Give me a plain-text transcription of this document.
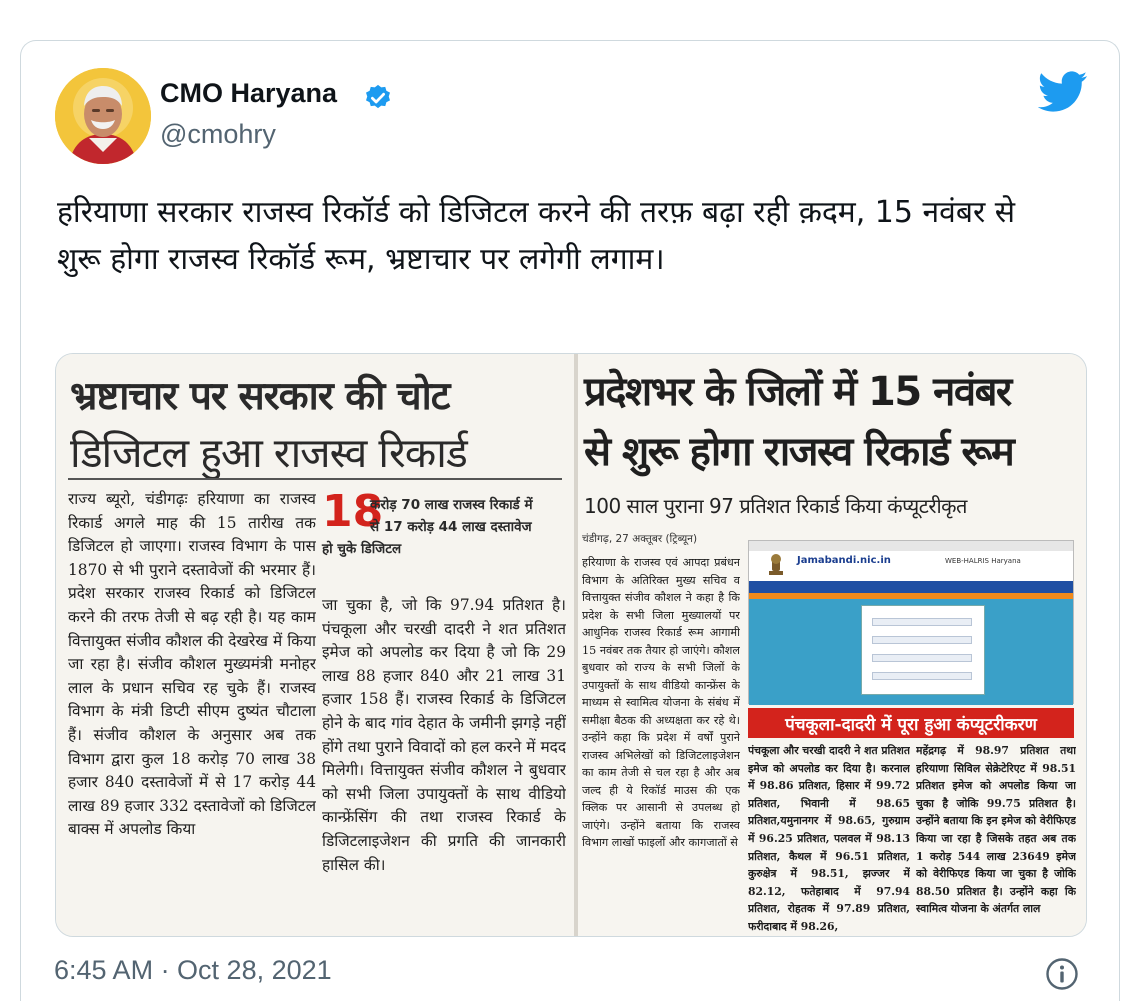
CMO Haryana
@cmohry
हरियाणा सरकार राजस्व रिकॉर्ड को डिजिटल करने की तरफ़ बढ़ा रही क़दम, 15 नवंबर से शुरू होगा राजस्व रिकॉर्ड रूम, भ्रष्टाचार पर लगेगी लगाम।
भ्रष्टाचार पर सरकार की चोट
डिजिटल हुआ राजस्व रिकार्ड
राज्य ब्यूरो, चंडीगढ़ः हरियाणा का राजस्व रिकार्ड अगले माह की 15 तारीख तक डिजिटल हो जाएगा। राजस्व विभाग के पास 1870 से भी पुराने दस्तावेजों की भरमार हैं। प्रदेश सरकार राजस्व रिकार्ड को डिजिटल करने की तरफ तेजी से बढ़ रही है। यह काम वित्तायुक्त संजीव कौशल की देखरेख में किया जा रहा है। संजीव कौशल मुख्यमंत्री मनोहर लाल के प्रधान सचिव रह चुके हैं। राजस्व विभाग के मंत्री डिप्टी सीएम दुष्यंत चौटाला हैं। संजीव कौशल के अनुसार अब तक विभाग द्वारा कुल 18 करोड़ 70 लाख 38 हजार 840 दस्तावेजों में से 17 करोड़ 44 लाख 89 हजार 332 दस्तावेजों को डिजिटल बाक्स में अपलोड किया
18
करोड़ 70 लाख राजस्व रिकार्ड में
से 17 करोड़ 44 लाख दस्तावेज
हो चुके डिजिटल
जा चुका है, जो कि 97.94 प्रतिशत है। पंचकूला और चरखी दादरी ने शत प्रतिशत इमेज को अपलोड कर दिया है जो कि 29 लाख 88 हजार 840 और 21 लाख 31 हजार 158 हैं। राजस्व रिकार्ड के डिजिटल होने के बाद गांव देहात के जमीनी झगड़े नहीं होंगे तथा पुराने विवादों को हल करने में मदद मिलेगी। वित्तायुक्त संजीव कौशल ने बुधवार को सभी जिला उपायुक्तों के साथ वीडियो कान्फ्रेंसिंग की तथा राजस्व रिकार्ड के डिजिटलाइजेशन की प्रगति की जानकारी हासिल की।
प्रदेशभर के जिलों में 15 नवंबर
से शुरू होगा राजस्व रिकार्ड रूम
100 साल पुराना 97 प्रतिशत रिकार्ड किया कंप्यूटरीकृत
चंडीगढ़, 27 अक्तूबर (ट्रिब्यून)
हरियाणा के राजस्व एवं आपदा प्रबंधन विभाग के अतिरिक्त मुख्य सचिव व वित्तायुक्त संजीव कौशल ने कहा है कि प्रदेश के सभी जिला मुख्यालयों पर आधुनिक राजस्व रिकार्ड रूम आगामी 15 नवंबर तक तैयार हो जाएंगे। कौशल बुधवार को राज्य के सभी जिलों के उपायुक्तों के साथ वीडियो कान्फ्रेंस के माध्यम से स्वामित्व योजना के संबंध में समीक्षा बैठक की अध्यक्षता कर रहे थे। उन्होंने कहा कि प्रदेश में वर्षों पुराने राजस्व अभिलेखों को डिजिटलाइजेशन का काम तेजी से चल रहा है और अब जल्द ही ये रिकॉर्ड माउस की एक क्लिक पर आसानी से उपलब्ध हो जाएंगे। उन्होंने बताया कि राजस्व विभाग लाखों फाइलों और कागजातों से
Jamabandi.nic.in	WEB-HALRIS Haryana
पंचकूला-दादरी में पूरा हुआ कंप्यूटरीकरण
पंचकूला और चरखी दादरी ने शत प्रतिशत इमेज को अपलोड कर दिया है। करनाल में 98.86 प्रतिशत, हिसार में 99.72 प्रतिशत, भिवानी में 98.65 प्रतिशत,यमुनानगर में 98.65, गुरुग्राम में 96.25 प्रतिशत, पलवल में 98.13 प्रतिशत, कैथल में 96.51 प्रतिशत, कुरुक्षेत्र में 98.51, झज्जर में 82.12, फतेहाबाद में 97.94 प्रतिशत, रोहतक में 97.89 प्रतिशत, फरीदाबाद में 98.26,
महेंद्रगढ़ में 98.97 प्रतिशत तथा हरियाणा सिविल सेक्रेटेरिएट में 98.51 प्रतिशत इमेज को अपलोड किया जा चुका है जोकि 99.75 प्रतिशत है। उन्होंने बताया कि इन इमेज को वेरीफिएड किया जा रहा है जिसके तहत अब तक 1 करोड़ 544 लाख 23649 इमेज को वेरीफिएड किया जा चुका है जोकि 88.50 प्रतिशत है। उन्होंने कहा कि स्वामित्व योजना के अंतर्गत लाल
6:45 AM · Oct 28, 2021
